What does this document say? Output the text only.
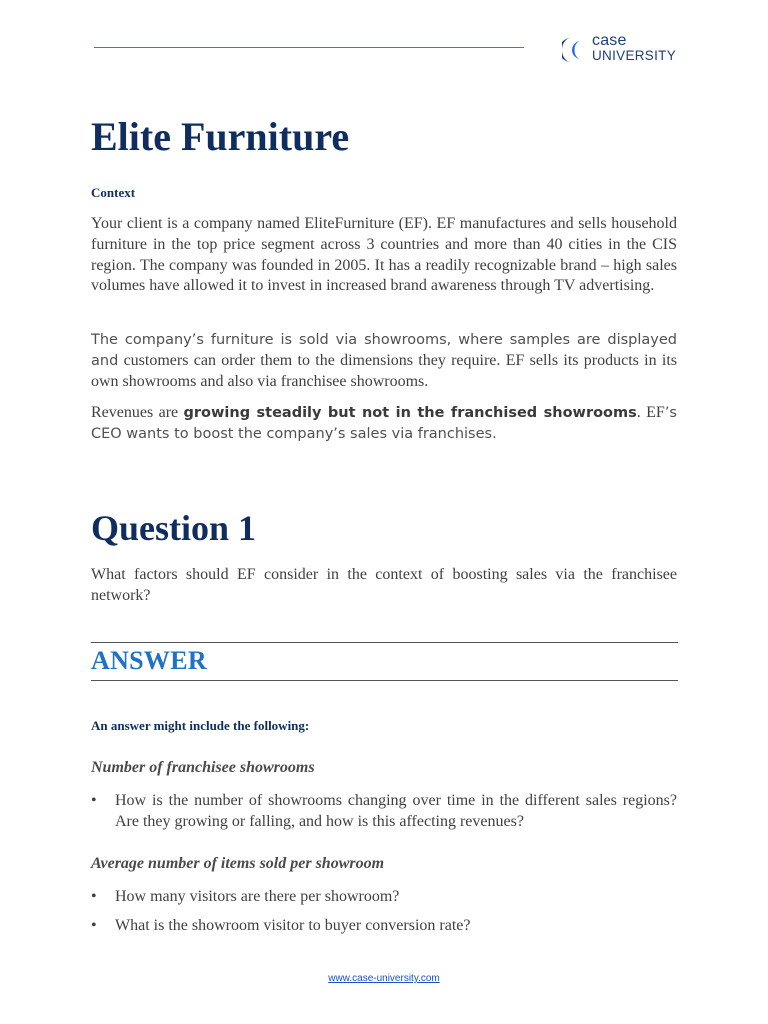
case
UNIVERSITY
Elite Furniture
Context

Your client is a company named EliteFurniture (EF). EF manufactures and sells household furniture in the top price segment across 3 countries and more than 40 cities in the CIS region. The company was founded in 2005. It has a readily recognizable brand – high sales volumes have allowed it to invest in increased brand awareness through TV advertising.

The company’s furniture is sold via showrooms, where samples are displayed and customers can order them to the dimensions they require. EF sells its products in its own showrooms and also via franchisee showrooms.

Revenues are growing steadily but not in the franchised showrooms. EF’s CEO wants to boost the company’s sales via franchises.

Question 1

What factors should EF consider in the context of boosting sales via the franchisee network?

ANSWER
An answer might include the following:
Number of franchisee showrooms
•	How is the number of showrooms changing over time in the different sales regions? Are they growing or falling, and how is this affecting revenues?
Average number of items sold per showroom
•	How many visitors are there per showroom?
•	What is the showroom visitor to buyer conversion rate?
www.case-university.com
